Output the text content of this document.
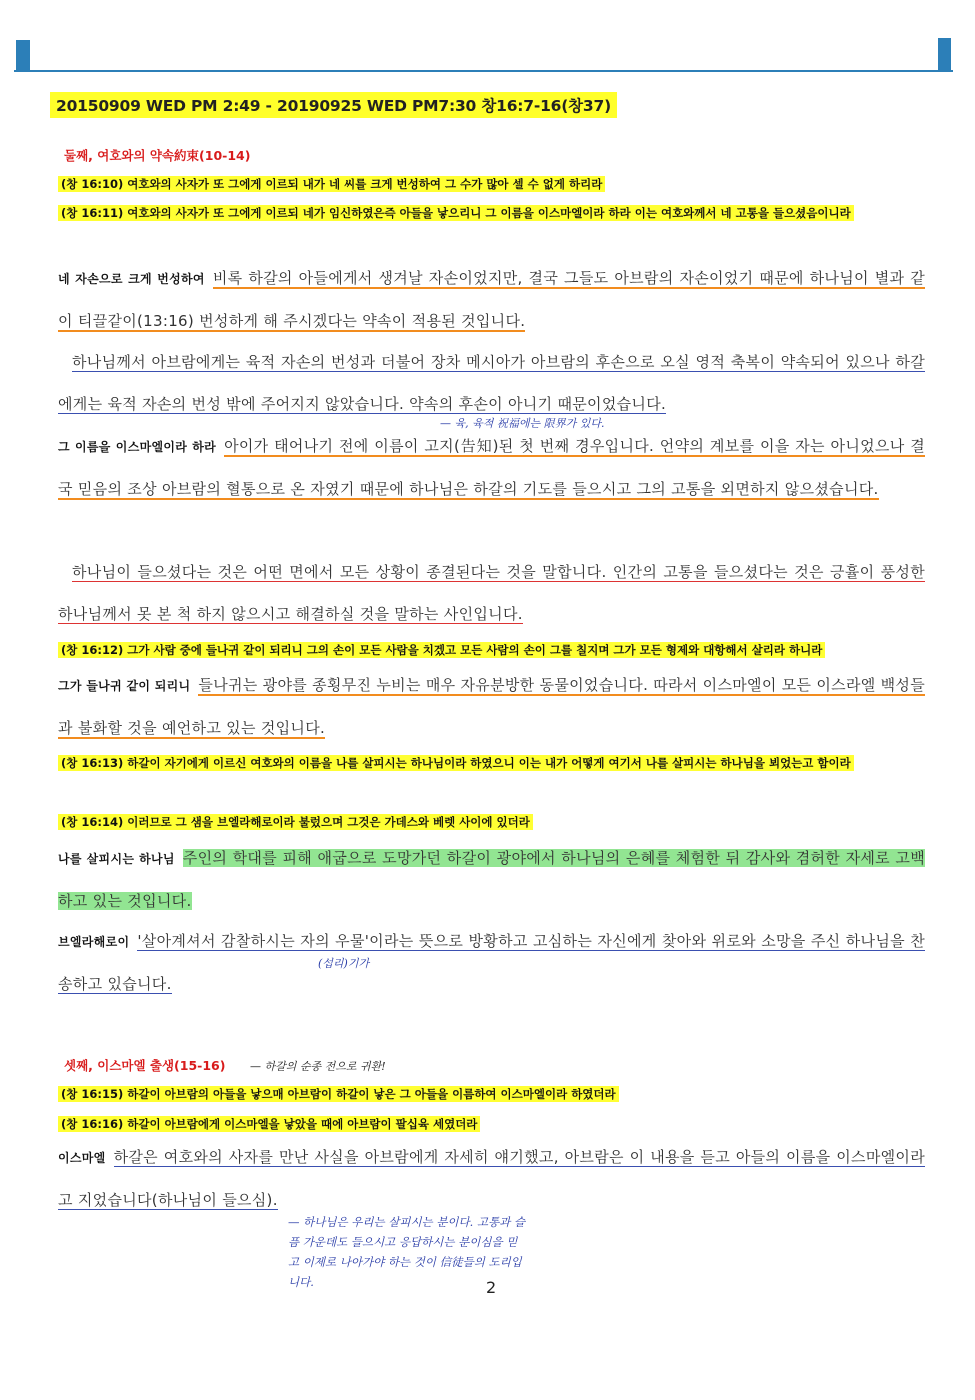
20150909 WED PM 2:49 - 20190925 WED PM7:30 창16:7-16(창37)
둘째, 여호와의 약속約束(10-14)
(창 16:10) 여호와의 사자가 또 그에게 이르되 내가 네 씨를 크게 번성하여 그 수가 많아 셀 수 없게 하리라
(창 16:11) 여호와의 사자가 또 그에게 이르되 네가 임신하였은즉 아들을 낳으리니 그 이름을 이스마엘이라 하라 이는 여호와께서 네 고통을 들으셨음이니라
네 자손으로 크게 번성하여 비록 하갈의 아들에게서 생겨날 자손이었지만, 결국 그들도 아브람의 자손이었기 때문에 하나님이 별과 같이 티끌같이(13:16) 번성하게 해 주시겠다는 약속이 적용된 것입니다.
하나님께서 아브람에게는 육적 자손의 번성과 더불어 장차 메시아가 아브람의 후손으로 오실 영적 축복이 약속되어 있으나 하갈에게는 육적 자손의 번성 밖에 주어지지 않았습니다. 약속의 후손이 아니기 때문이었습니다.
— 육, 육적 祝福에는 限界가 있다.
그 이름을 이스마엘이라 하라 아이가 태어나기 전에 이름이 고지(告知)된 첫 번째 경우입니다. 언약의 계보를 이을 자는 아니었으나 결국 믿음의 조상 아브람의 혈통으로 온 자였기 때문에 하나님은 하갈의 기도를 들으시고 그의 고통을 외면하지 않으셨습니다.
하나님이 들으셨다는 것은 어떤 면에서 모든 상황이 종결된다는 것을 말합니다. 인간의 고통을 들으셨다는 것은 긍휼이 풍성한 하나님께서 못 본 척 하지 않으시고 해결하실 것을 말하는 사인입니다.
(창 16:12) 그가 사람 중에 들나귀 같이 되리니 그의 손이 모든 사람을 치겠고 모든 사람의 손이 그를 칠지며 그가 모든 형제와 대항해서 살리라 하니라
그가 들나귀 같이 되리니 들나귀는 광야를 종횡무진 누비는 매우 자유분방한 동물이었습니다. 따라서 이스마엘이 모든 이스라엘 백성들과 불화할 것을 예언하고 있는 것입니다.
(창 16:13) 하갈이 자기에게 이르신 여호와의 이름을 나를 살피시는 하나님이라 하였으니 이는 내가 어떻게 여기서 나를 살피시는 하나님을 뵈었는고 함이라
(창 16:14) 이러므로 그 샘을 브엘라해로이라 불렀으며 그것은 가데스와 베렛 사이에 있더라
나를 살피시는 하나님 주인의 학대를 피해 애굽으로 도망가던 하갈이 광야에서 하나님의 은혜를 체험한 뒤 감사와 겸허한 자세로 고백하고 있는 것입니다.
브엘라해로이 '살아계셔서 감찰하시는 자의 우물'이라는 뜻으로 방황하고 고심하는 자신에게 찾아와 위로와 소망을 주신 하나님을 찬송하고 있습니다.
(섭리)기가
셋째, 이스마엘 출생(15-16) — 하갈의 순종 전으로 귀환!
(창 16:15) 하갈이 아브람의 아들을 낳으매 아브람이 하갈이 낳은 그 아들을 이름하여 이스마엘이라 하였더라
(창 16:16) 하갈이 아브람에게 이스마엘을 낳았을 때에 아브람이 팔십육 세였더라
이스마엘 하갈은 여호와의 사자를 만난 사실을 아브람에게 자세히 얘기했고, 아브람은 이 내용을 듣고 아들의 이름을 이스마엘이라고 지었습니다(하나님이 들으심).
— 하나님은 우리는 살피시는 분이다. 고통과 슬픔 가운데도 들으시고 응답하시는 분이심을 믿고 이제로 나아가야 하는 것이 信徒들의 도리입니다.	2
